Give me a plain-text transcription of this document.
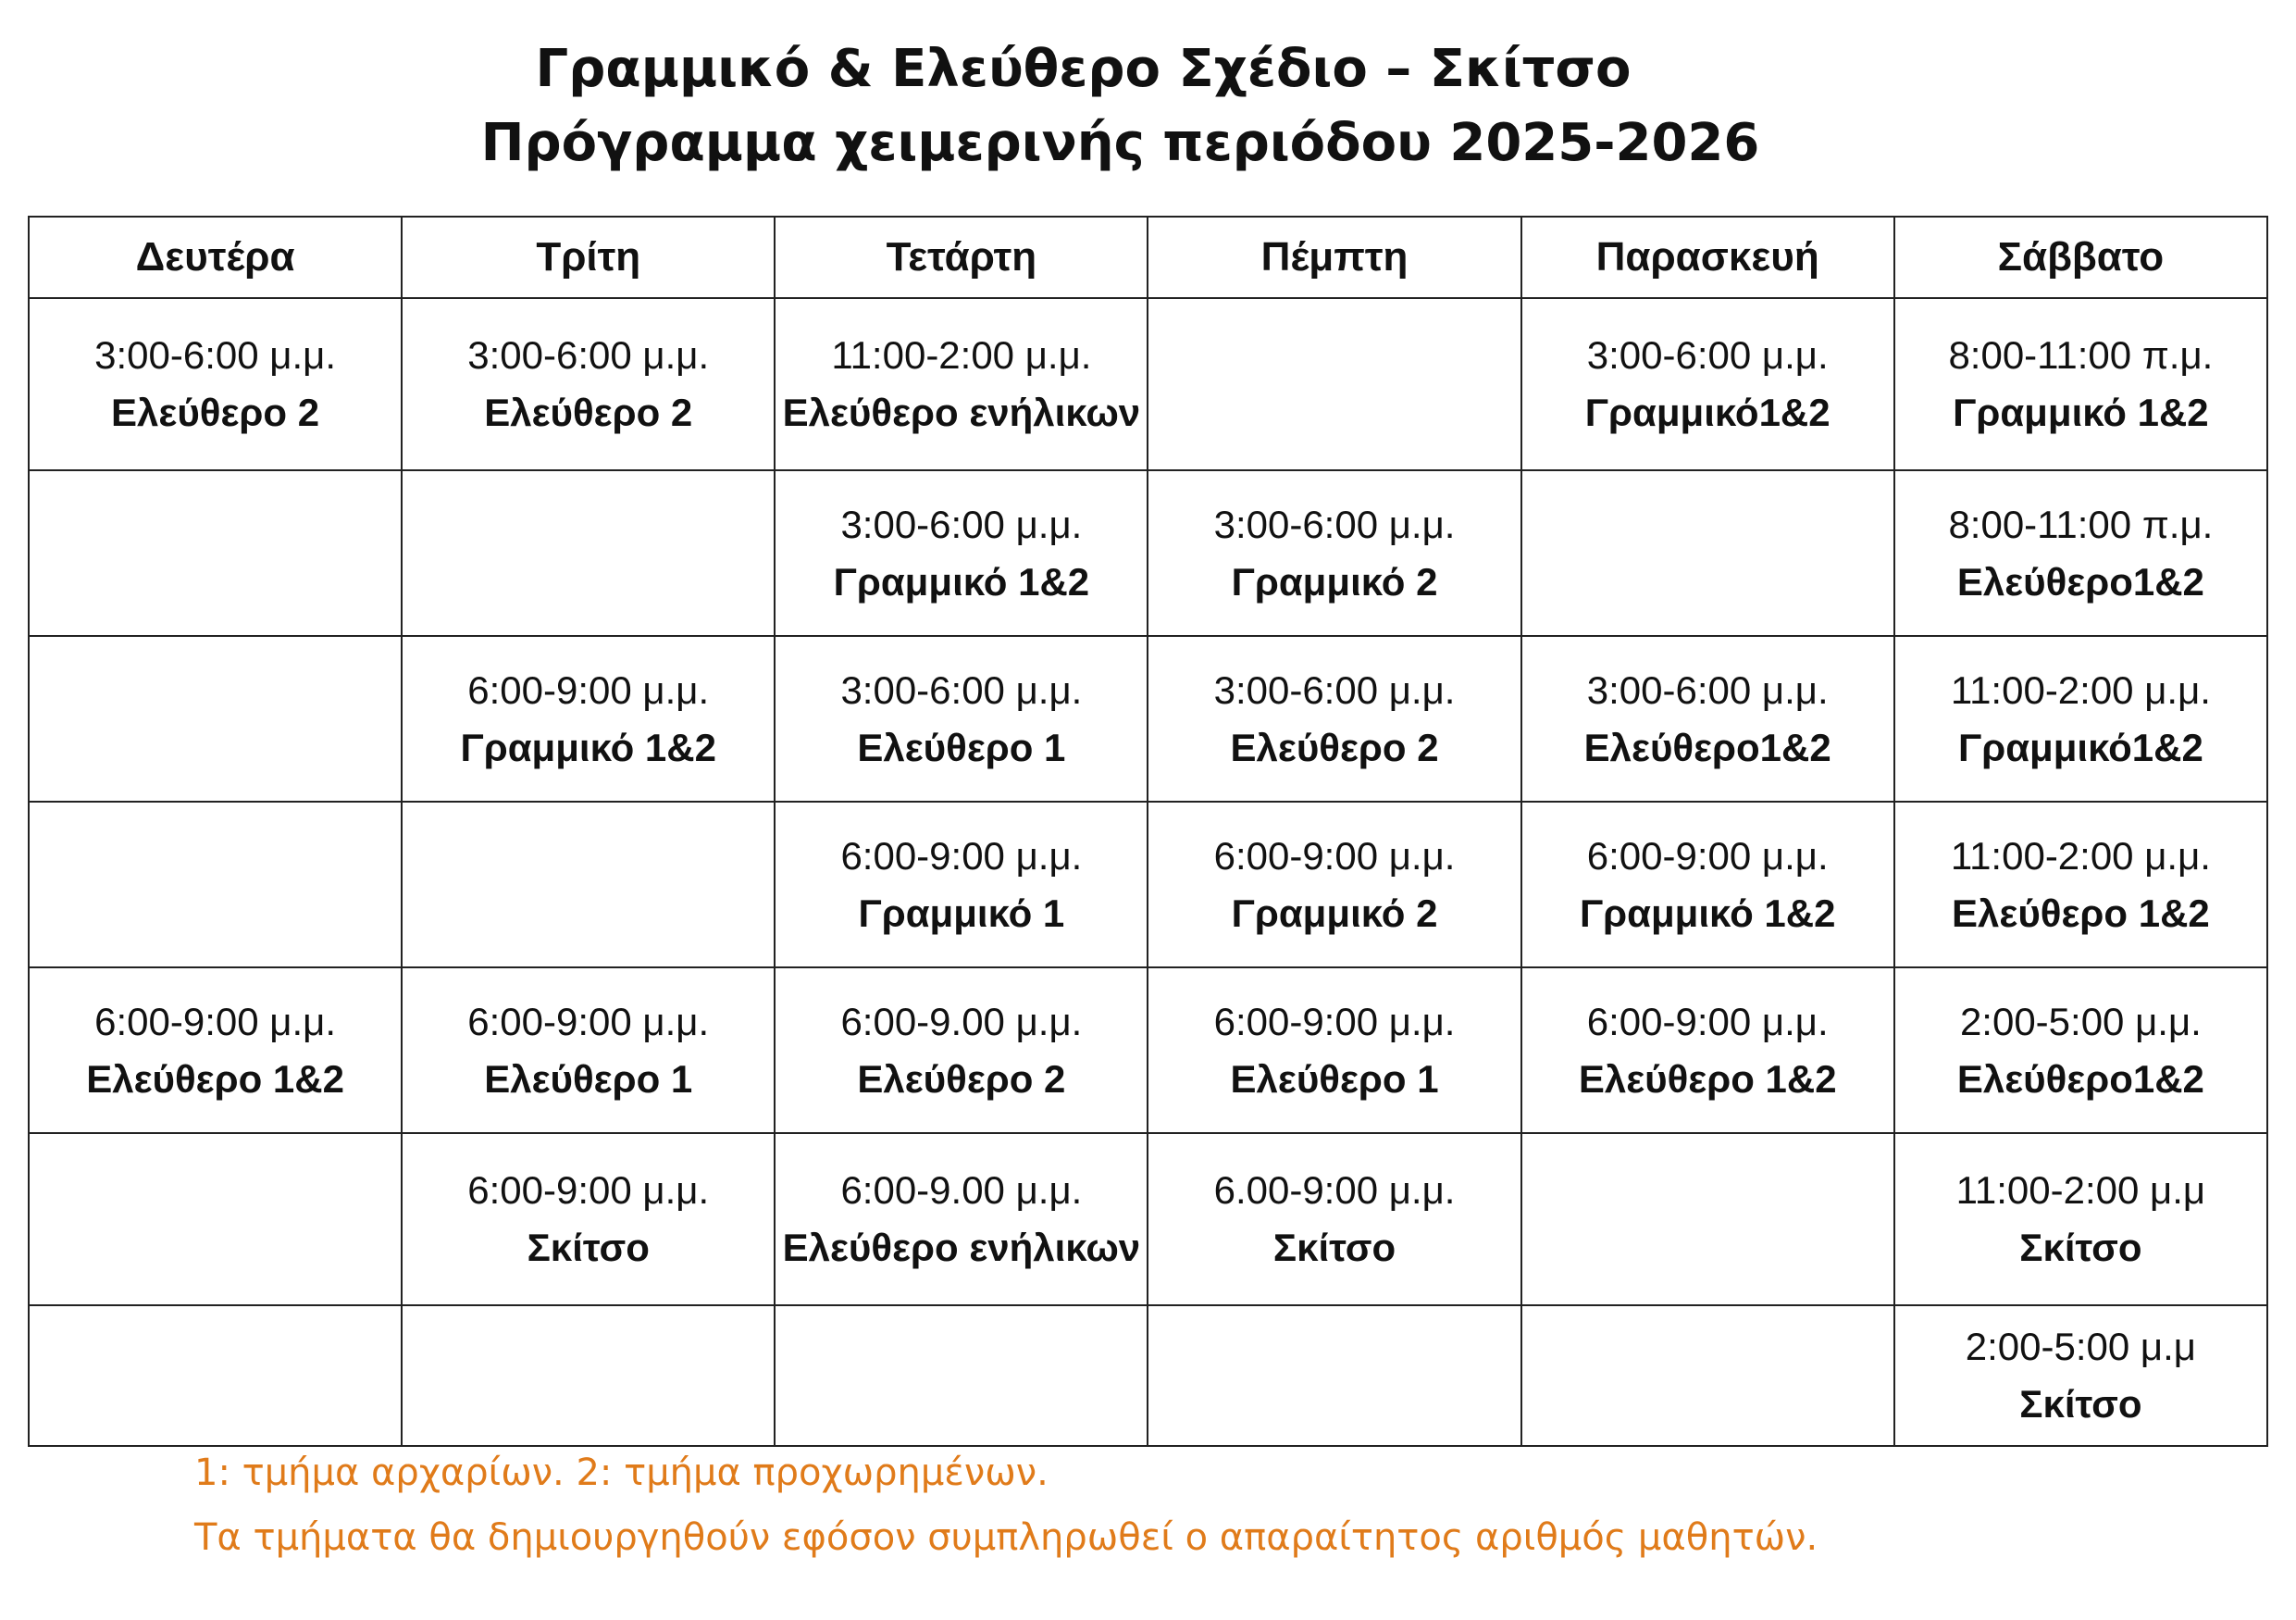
Γραμμικό & Ελεύθερο Σχέδιο – Σκίτσο
Πρόγραμμα χειμερινής περιόδου 2025-2026
Δευτέρα	Τρίτη	Τετάρτη	Πέμπτη	Παρασκευή	Σάββατο

3:00-6:00 μ.μ.
Ελεύθερο 2	3:00-6:00 μ.μ.
Ελεύθερο 2	11:00-2:00 μ.μ.
Ελεύθερο ενήλικων		3:00-6:00 μ.μ.
Γραμμικό1&2	8:00-11:00 π.μ.
Γραμμικό 1&2

		3:00-6:00 μ.μ.
Γραμμικό 1&2	3:00-6:00 μ.μ.
Γραμμικό 2		8:00-11:00 π.μ.
Ελεύθερο1&2

	6:00-9:00 μ.μ.
Γραμμικό 1&2	3:00-6:00 μ.μ.
Ελεύθερο 1	3:00-6:00 μ.μ.
Ελεύθερο 2	3:00-6:00 μ.μ.
Ελεύθερο1&2	11:00-2:00 μ.μ.
Γραμμικό1&2

		6:00-9:00 μ.μ.
Γραμμικό 1	6:00-9:00 μ.μ.
Γραμμικό 2	6:00-9:00 μ.μ.
Γραμμικό 1&2	11:00-2:00 μ.μ.
Ελεύθερο 1&2

6:00-9:00 μ.μ.
Ελεύθερο 1&2	6:00-9:00 μ.μ.
Ελεύθερο 1	6:00-9.00 μ.μ.
Ελεύθερο 2	6:00-9:00 μ.μ.
Ελεύθερο 1	6:00-9:00 μ.μ.
Ελεύθερο 1&2	2:00-5:00 μ.μ.
Ελεύθερο1&2

	6:00-9:00 μ.μ.
Σκίτσο	6:00-9.00 μ.μ.
Ελεύθερο ενήλικων	6.00-9:00 μ.μ.
Σκίτσο		11:00-2:00 μ.μ
Σκίτσο

					2:00-5:00 μ.μ
Σκίτσο
1: τμήμα αρχαρίων. 2: τμήμα προχωρημένων.
Τα τμήματα θα δημιουργηθούν εφόσον συμπληρωθεί ο απαραίτητος αριθμός μαθητών.
